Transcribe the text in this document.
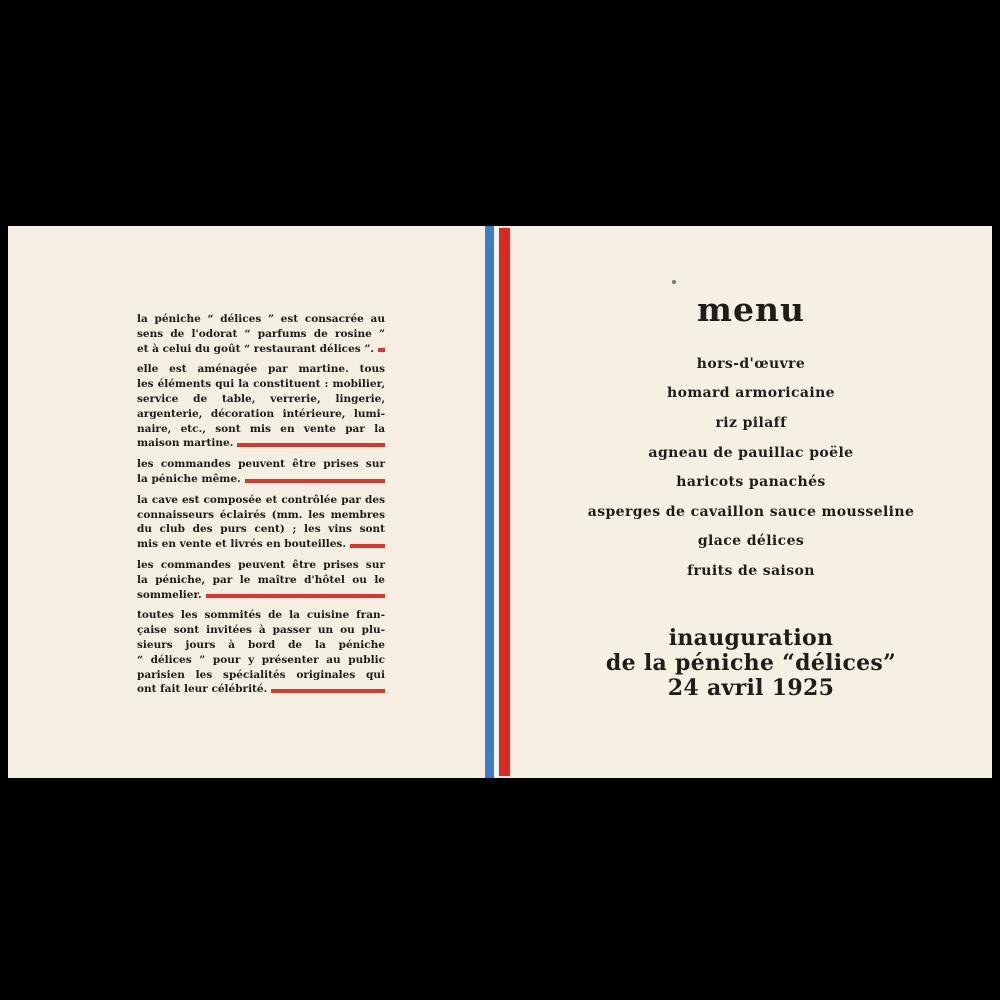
la péniche “ délices ” est consacrée au
sens de l'odorat “ parfums de rosine ”
et à celui du goût “ restaurant délices ”.
elle est aménagée par martine. tous
les éléments qui la constituent : mobilier,
service de table, verrerie, lingerie,
argenterie, décoration intérieure, lumi-
naire, etc., sont mis en vente par la
maison martine.
les commandes peuvent être prises sur
la péniche même.
la cave est composée et contrôlée par des
connaisseurs éclairés (mm. les membres
du club des purs cent) ; les vins sont
mis en vente et livrés en bouteilles.
les commandes peuvent être prises sur
la péniche, par le maître d'hôtel ou le
sommelier.
toutes les sommités de la cuisine fran-
çaise sont invitées à passer un ou plu-
sieurs jours à bord de la péniche
“ délices ” pour y présenter au public
parisien les spécialités originales qui
ont fait leur célébrité.
menu
hors-d'œuvre
homard armoricaine
riz pilaff
agneau de pauillac poële
haricots panachés
asperges de cavaillon sauce mousseline
glace délices
fruits de saison
inauguration
de la péniche “délices”
24 avril 1925
